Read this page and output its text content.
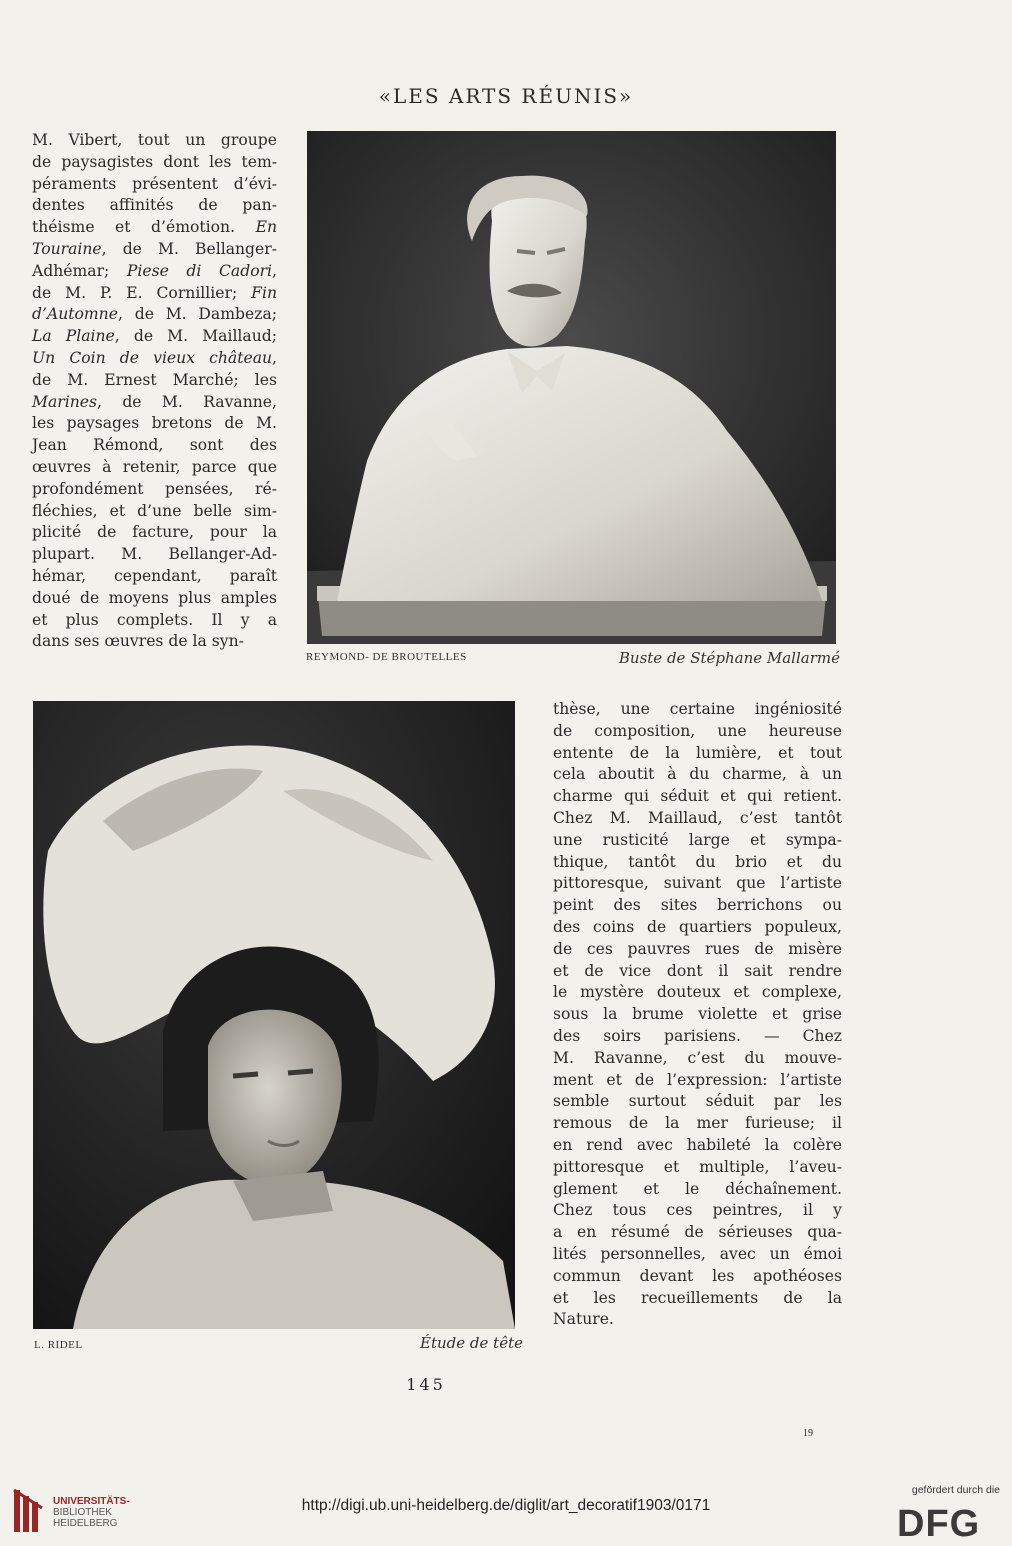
«LES ARTS RÉUNIS»
M. Vibert, tout un groupe
de paysagistes dont les tem-
péraments présentent d’évi-
dentes affinités de pan-
théisme et d’émotion. En
Touraine, de M. Bellanger-
Adhémar; Piese di Cadori,
de M. P. E. Cornillier; Fin
d’Automne, de M. Dambeza;
La Plaine, de M. Maillaud;
Un Coin de vieux château,
de M. Ernest Marché; les
Marines, de M. Ravanne,
les paysages bretons de M.
Jean Rémond, sont des
œuvres à retenir, parce que
profondément pensées, ré-
fléchies, et d’une belle sim-
plicité de facture, pour la
plupart. M. Bellanger-Ad-
hémar, cependant, paraît
doué de moyens plus amples
et plus complets. Il y a
dans ses œuvres de la syn-
REYMOND- DE BROUTELLES	Buste de Stéphane Mallarmé
L. RIDEL	Étude de tête
thèse, une certaine ingéniosité
de composition, une heureuse
entente de la lumière, et tout
cela aboutit à du charme, à un
charme qui séduit et qui retient.
Chez M. Maillaud, c’est tantôt
une rusticité large et sympa-
thique, tantôt du brio et du
pittoresque, suivant que l’artiste
peint des sites berrichons ou
des coins de quartiers populeux,
de ces pauvres rues de misère
et de vice dont il sait rendre
le mystère douteux et complexe,
sous la brume violette et grise
des soirs parisiens. — Chez
M. Ravanne, c’est du mouve-
ment et de l’expression: l’artiste
semble surtout séduit par les
remous de la mer furieuse; il
en rend avec habileté la colère
pittoresque et multiple, l’aveu-
glement et le déchaînement.
Chez tous ces peintres, il y
a en résumé de sérieuses qua-
lités personnelles, avec un émoi
commun devant les apothéoses
et les recueillements de la
Nature.
145
19
UNIVERSITÄTS-
BIBLIOTHEK
HEIDELBERG
http://digi.ub.uni-heidelberg.de/diglit/art_decoratif1903/0171
gefördert durch die
DFG
